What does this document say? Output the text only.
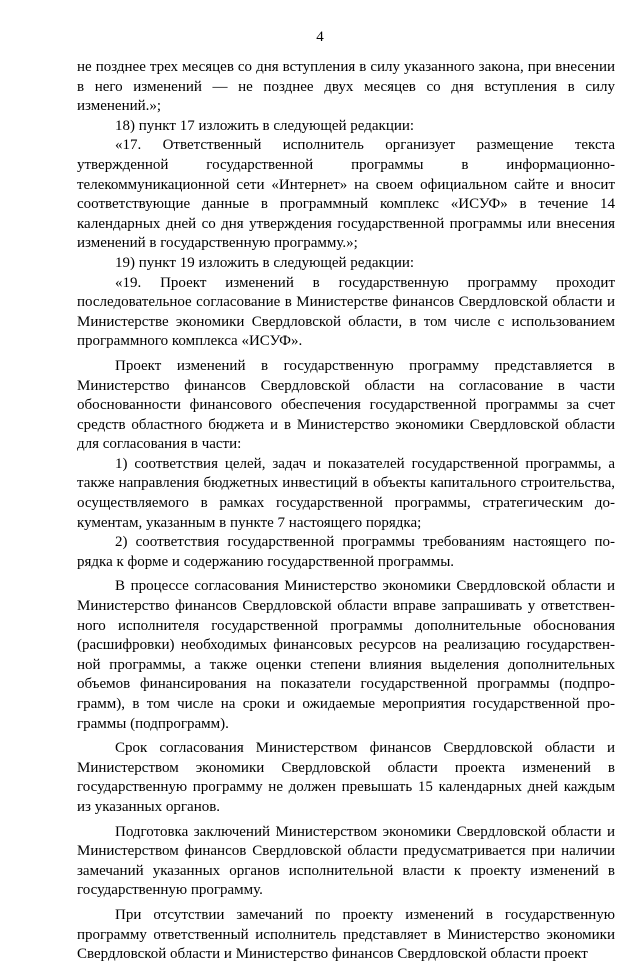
4

не позднее трех месяцев со дня вступления в силу указанного закона, при внесении в него изменений — не позднее двух месяцев со дня вступления в силу изменений.»;

18) пункт 17 изложить в следующей редакции:

«17. Ответственный исполнитель организует размещение текста утвержденной государственной программы в информационно-телекоммуникационной сети «Интернет» на своем официальном сайте и вносит соответствующие данные в программный комплекс «ИСУФ» в течение 14 календарных дней со дня утверждения государственной программы или внесения изменений в государственную программу.»;

19) пункт 19 изложить в следующей редакции:

«19. Проект изменений в государственную программу проходит последовательное согласование в Министерстве финансов Свердловской области и Министерстве экономики Свердловской области, в том числе с использованием программного комплекса «ИСУФ».

Проект изменений в государственную программу представляется в Министерство финансов Свердловской области на согласование в части обоснованности финансового обеспечения государственной программы за счет средств областного бюджета и в Министерство экономики Свердловской области для согласования в части:

1) соответствия целей, задач и показателей государственной программы, а также направления бюджетных инвестиций в объекты капитального строительства, осуществляемого в рамках государственной программы, стратегическим документам, указанным в пункте 7 настоящего порядка;

2) соответствия государственной программы требованиям настоящего порядка к форме и содержанию государственной программы.

В процессе согласования Министерство экономики Свердловской области и Министерство финансов Свердловской области вправе запрашивать у ответственного исполнителя государственной программы дополнительные обоснования (расшифровки) необходимых финансовых ресурсов на реализацию государственной программы, а также оценки степени влияния выделения дополнительных объемов финансирования на показатели государственной программы (подпрограмм), в том числе на сроки и ожидаемые мероприятия государственной программы (подпрограмм).

Срок согласования Министерством финансов Свердловской области и Министерством экономики Свердловской области проекта изменений в государственную программу не должен превышать 15 календарных дней каждым из указанных органов.

Подготовка заключений Министерством экономики Свердловской области и Министерством финансов Свердловской области предусматривается при наличии замечаний указанных органов исполнительной власти к проекту изменений в государственную программу.

При отсутствии замечаний по проекту изменений в государственную программу ответственный исполнитель представляет в Министерство экономики Свердловской области и Министерство финансов Свердловской области проект
